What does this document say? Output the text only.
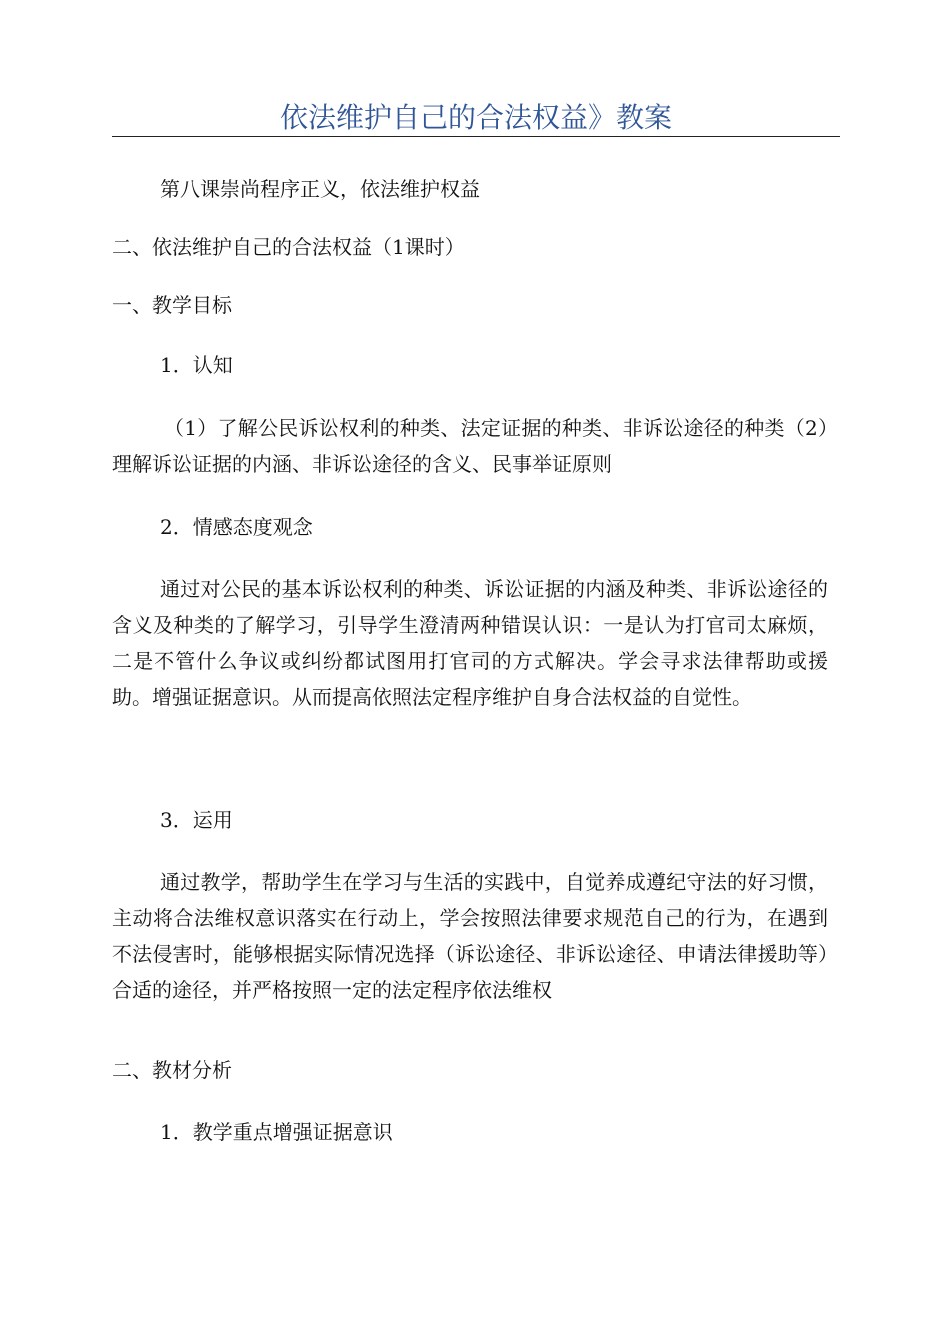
依法维护自己的合法权益》教案

第八课崇尚程序正义，依法维护权益

二、依法维护自己的合法权益（1课时）

一、教学目标

1．认知

（1）了解公民诉讼权利的种类、法定证据的种类、非诉讼途径的种类（2）理解诉讼证据的内涵、非诉讼途径的含义、民事举证原则

2．情感态度观念

通过对公民的基本诉讼权利的种类、诉讼证据的内涵及种类、非诉讼途径的含义及种类的了解学习，引导学生澄清两种错误认识：一是认为打官司太麻烦，二是不管什么争议或纠纷都试图用打官司的方式解决。学会寻求法律帮助或援助。增强证据意识。从而提高依照法定程序维护自身合法权益的自觉性。

3．运用

通过教学，帮助学生在学习与生活的实践中，自觉养成遵纪守法的好习惯，主动将合法维权意识落实在行动上，学会按照法律要求规范自己的行为，在遇到不法侵害时，能够根据实际情况选择（诉讼途径、非诉讼途径、申请法律援助等）合适的途径，并严格按照一定的法定程序依法维权

二、教材分析

1．教学重点增强证据意识
